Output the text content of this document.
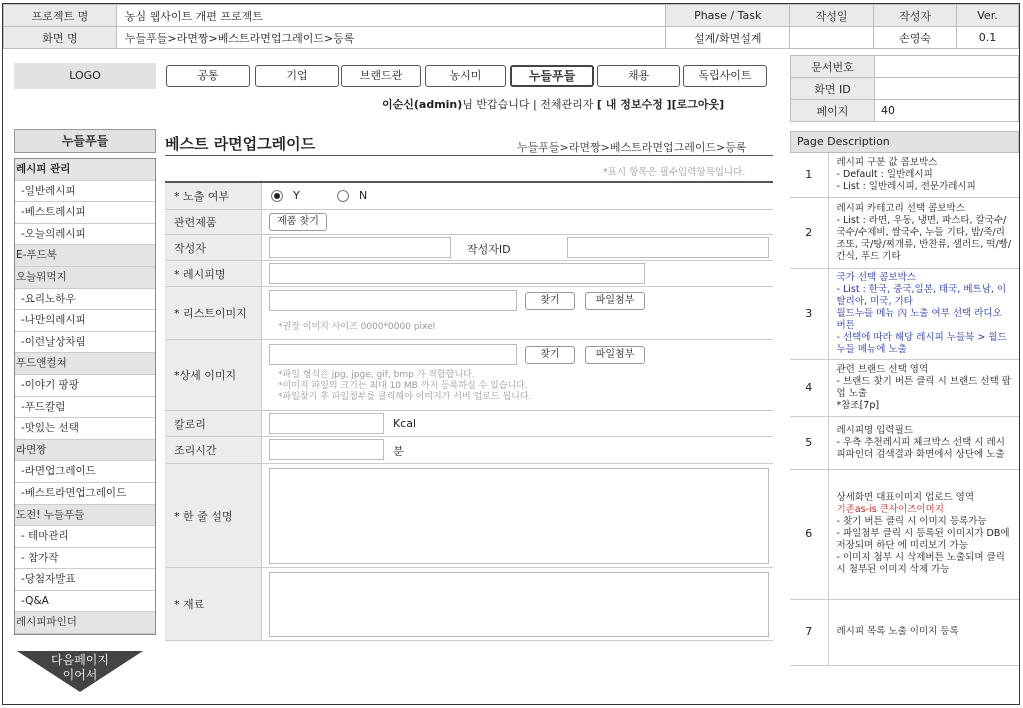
프로젝트 명	농심 웹사이트 개편 프로젝트	Phase / Task	작성일	작성자	Ver.
화면 명	누들푸들>라면짱>베스트라면업그레이드>등록	설계/화면설계		손영숙	0.1
문서번호	
화면 ID	
페이지	40
LOGO	공통	기업	브랜드관	농시미	누들푸들	채용	독립사이트
이순신(admin)님 반갑습니다 | 전체관리자 [ 내 정보수정 ][로그아웃]
누들푸들
레시피 관리
-일반레시피
-베스트레시피
-오늘의레시피
E-푸드북
오늘뭐먹지
-요리노하우
-나만의레시피
-이런날상차림
푸드앤컬쳐
-이야기 팡팡
-푸드칼럼
-맛있는 선택
라면짱
-라면업그레이드
-베스트라면업그레이드
도전! 누들푸들
- 테마관리
- 참가작
-당첨자발표
-Q&A
레시피파인더
다음페이지
이어서
베스트 라면업그레이드	누들푸들>라면짱>베스트라면업그레이드>등록
*표시 항목은 필수입력항목입니다.
* 노출 여부	Y	N
관련제품	제품 찾기
작성자	작성자ID
* 레시피명
* 리스트이미지
찾기	파일첨부
*권장 이미지 사이즈 0000*0000 pixel
*상세 이미지
찾기	파일첨부
*파일 형식은 jpg, jpge, gif, bmp 가 적합합니다.
*이미지 파일의 크기는 최대 10 MB 까지 등록하실 수 있습니다.
*파일찾기 후 파일첨부를 클릭해야 이미지가 서버 업로드 됩니다.
칼로리	Kcal
조리시간	분
* 한 줄 설명
* 재료
Page Description
1	레시피 구분 값 콤보박스
- Default : 일반레시피
- List : 일반레시피, 전문가레시피

2	레시피 카테고리 선택 콤보박스
- List : 라면, 우동, 냉면, 파스타, 칼국수/국수/수제비, 쌀국수, 누들 기타, 밥/죽/리조또, 국/탕/찌개류, 반찬류, 샐러드, 떡/빵/간식, 푸드 기타

3	국가 선택 콤보박스
- List : 한국, 중국,일본, 태국, 베트남, 이탈리아, 미국, 기타
월드누들 메뉴 內 노출 여부 선택 라디오 버튼
- 선택에 따라 해당 레시피 누들북 > 월드누들 메뉴에 노출

4	관련 브랜드 선택 영역
- 브랜드 찾기 버튼 클릭 시 브랜드 선택 팝업 노출
*참조[7p]

5	레시피명 입력필드
- 우측 추천레시피 체크박스 선택 시 레시피파인더 검색결과 화면에서 상단에 노출

6	상세화면 대표이미지 업로드 영역
기존as-is 큰사이즈이미지
- 찾기 버튼 클릭 시 이미지 등록가능
- 파일첨부 클릭 시 등록된 이미지가 DB에 저장되며 하단 에 미리보기 가능
- 이미지 첨부 시 삭제버튼 노출되며 클릭 시 첨부된 이미지 삭제 가능

7	레시피 목록 노출 이미지 등록
